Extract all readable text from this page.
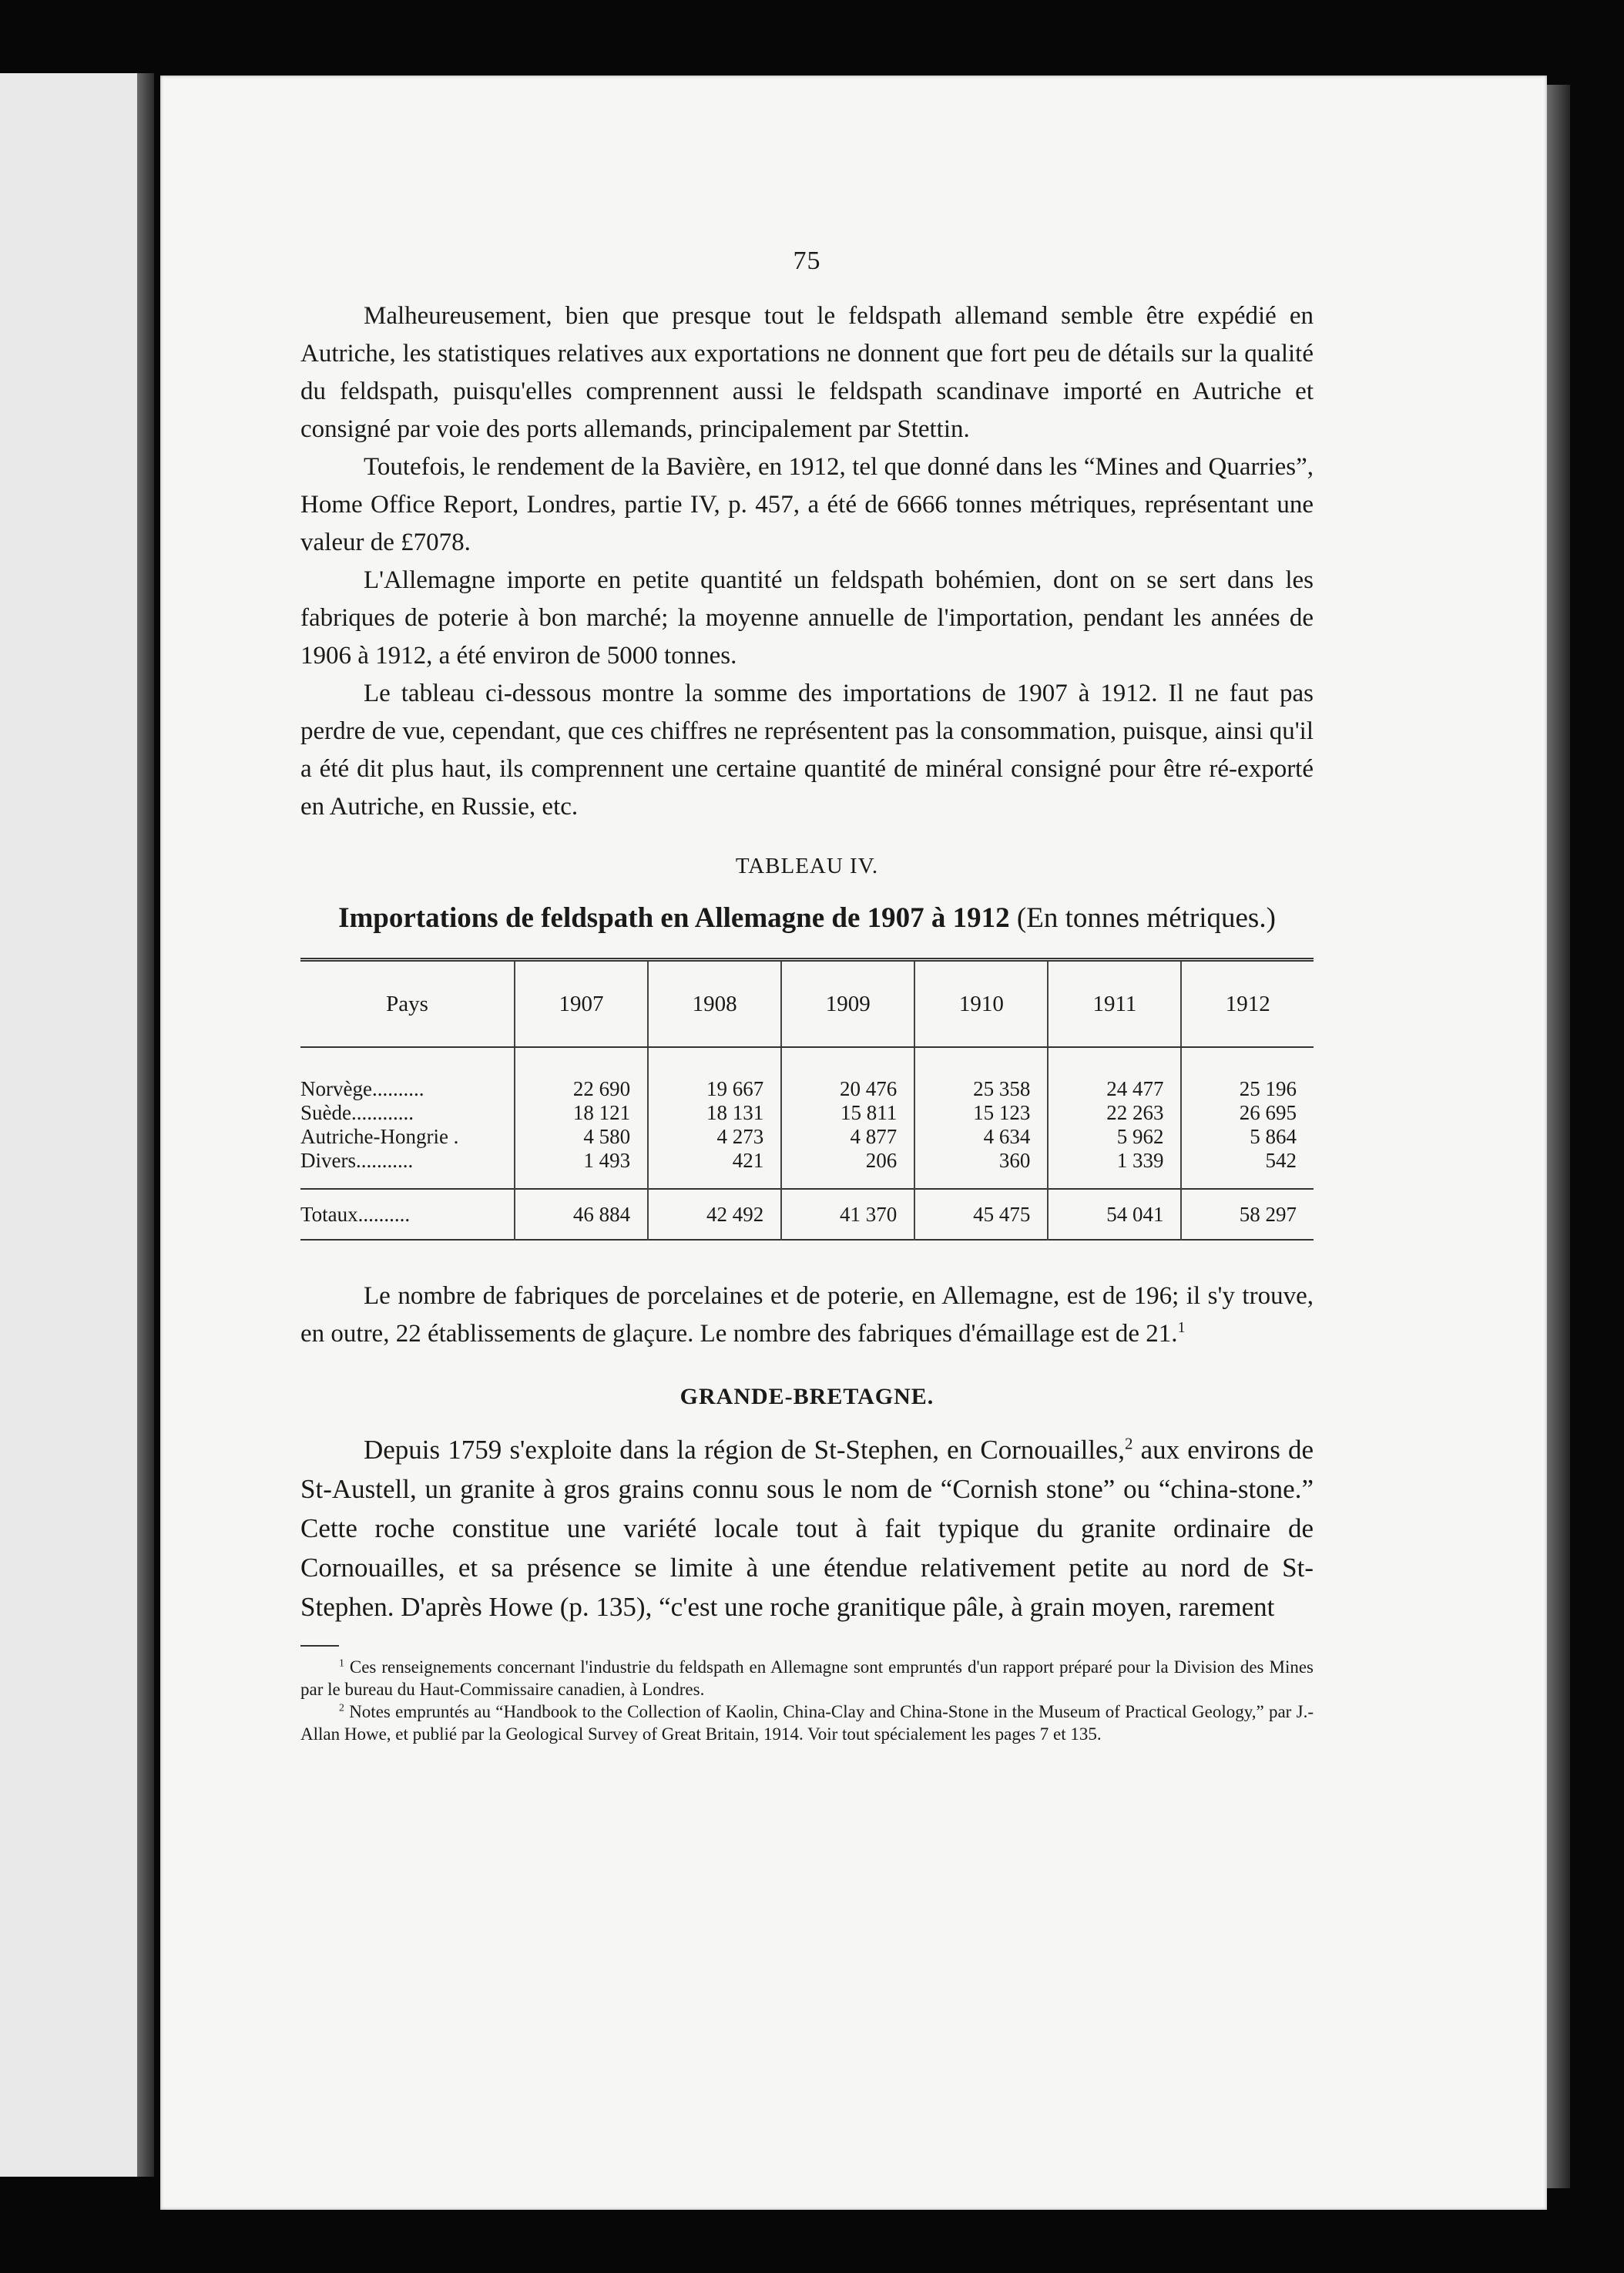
75

Malheureusement, bien que presque tout le feldspath allemand semble être expédié en Autriche, les statistiques relatives aux exportations ne donnent que fort peu de détails sur la qualité du feldspath, puisqu'elles comprennent aussi le feldspath scandinave importé en Autriche et consigné par voie des ports allemands, principalement par Stettin.

Toutefois, le rendement de la Bavière, en 1912, tel que donné dans les “Mines and Quarries”, Home Office Report, Londres, partie IV, p. 457, a été de 6666 tonnes métriques, représentant une valeur de £7078.

L'Allemagne importe en petite quantité un feldspath bohémien, dont on se sert dans les fabriques de poterie à bon marché; la moyenne annuelle de l'importation, pendant les années de 1906 à 1912, a été environ de 5000 tonnes.

Le tableau ci-dessous montre la somme des importations de 1907 à 1912. Il ne faut pas perdre de vue, cependant, que ces chiffres ne représentent pas la consommation, puisque, ainsi qu'il a été dit plus haut, ils comprennent une certaine quantité de minéral consigné pour être ré-exporté en Autriche, en Russie, etc.

TABLEAU IV.
Importations de feldspath en Allemagne de 1907 à 1912 (En tonnes métriques.)
Pays	1907	1908	1909	1910	1911	1912

Norvège..........	22 690	19 667	20 476	25 358	24 477	25 196
Suède............	18 121	18 131	15 811	15 123	22 263	26 695
Autriche-Hongrie .	4 580	4 273	4 877	4 634	5 962	5 864
Divers...........	1 493	421	206	360	1 339	542

Totaux..........	46 884	42 492	41 370	45 475	54 041	58 297

Le nombre de fabriques de porcelaines et de poterie, en Allemagne, est de 196; il s'y trouve, en outre, 22 établissements de glaçure. Le nombre des fabriques d'émaillage est de 21.$^1$

GRANDE-BRETAGNE.

Depuis 1759 s'exploite dans la région de St-Stephen, en Cornouailles,$^2$ aux environs de St-Austell, un granite à gros grains connu sous le nom de “Cornish stone” ou “china-stone.” Cette roche constitue une variété locale tout à fait typique du granite ordinaire de Cornouailles, et sa présence se limite à une étendue relativement petite au nord de St-Stephen. D'après Howe (p. 135), “c'est une roche granitique pâle, à grain moyen, rarement

$^1$ Ces renseignements concernant l'industrie du feldspath en Allemagne sont empruntés d'un rapport préparé pour la Division des Mines par le bureau du Haut-Commissaire canadien, à Londres.

$^2$ Notes empruntés au “Handbook to the Collection of Kaolin, China-Clay and China-Stone in the Museum of Practical Geology,” par J.-Allan Howe, et publié par la Geological Survey of Great Britain, 1914. Voir tout spécialement les pages 7 et 135.
